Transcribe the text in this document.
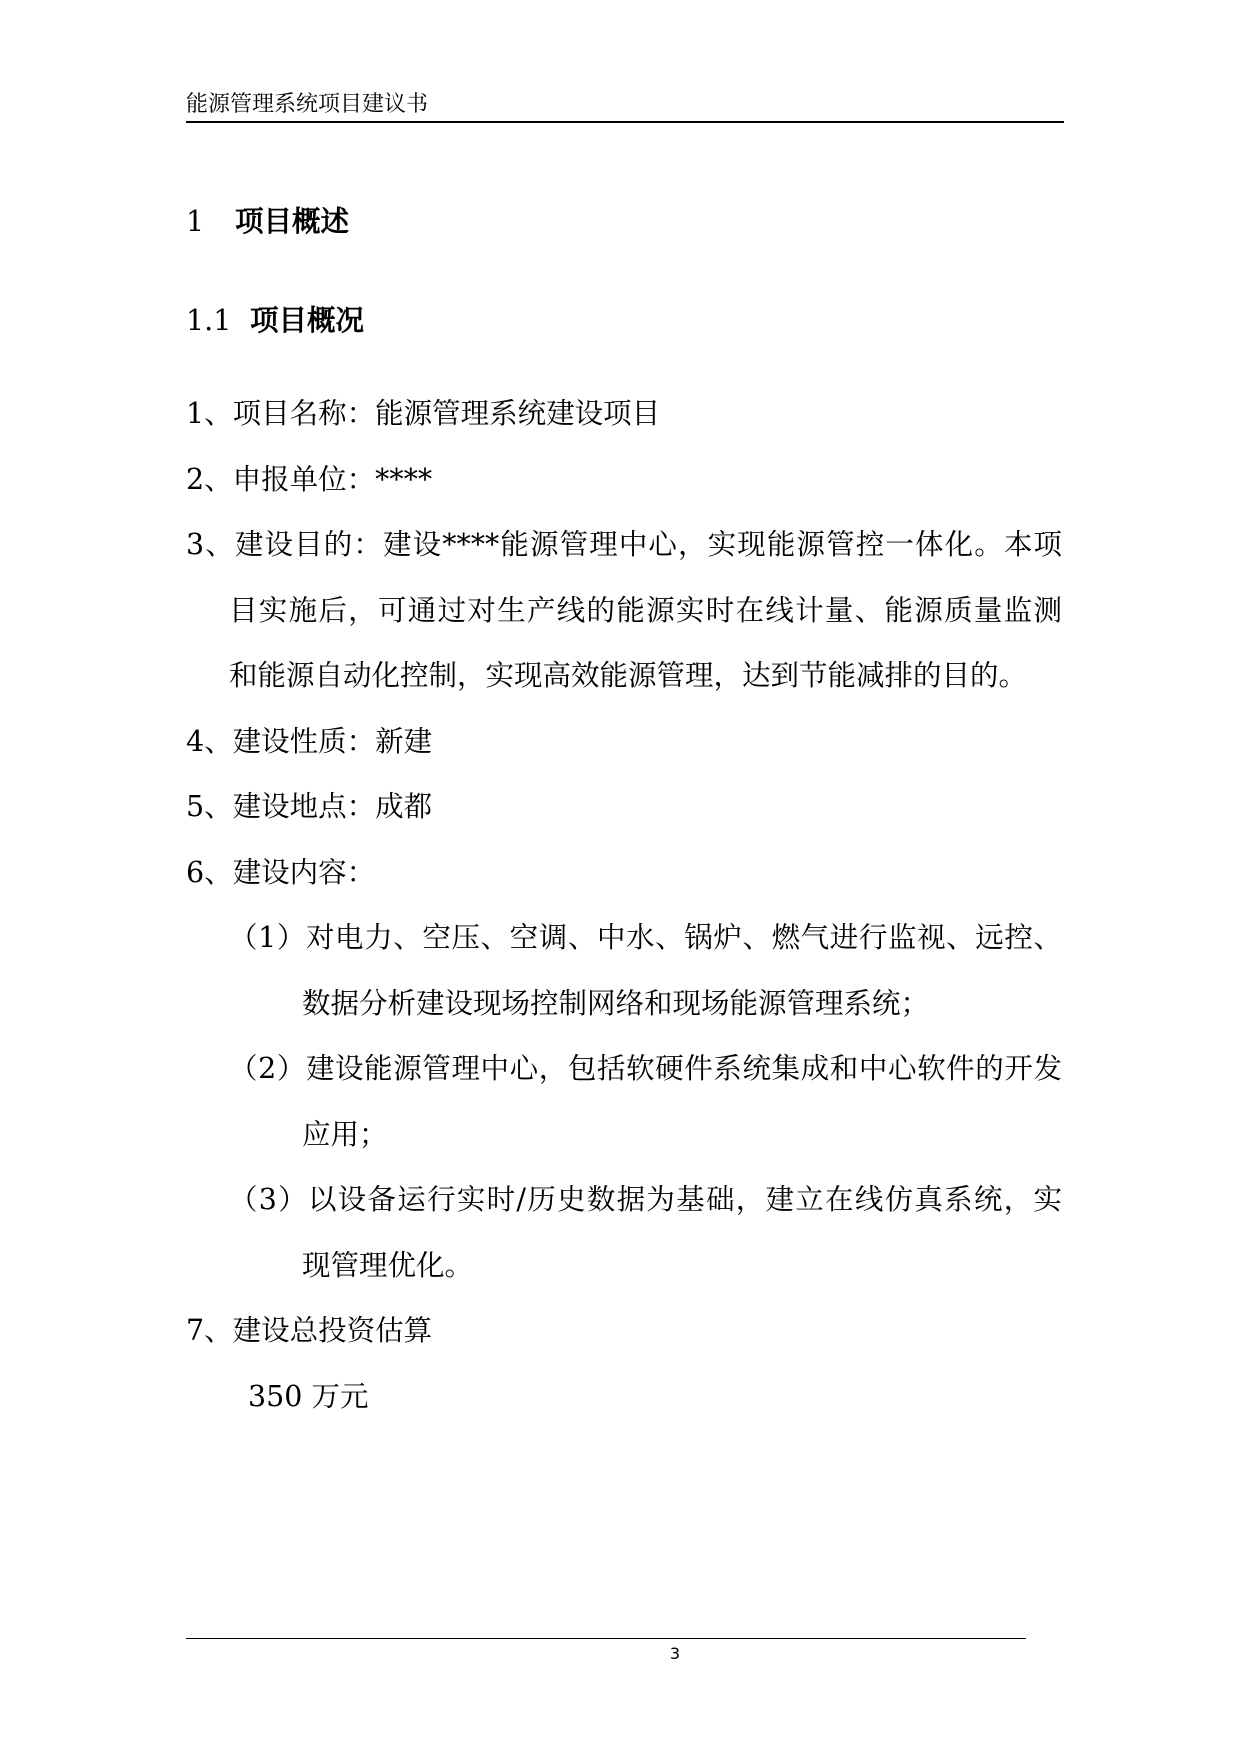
能源管理系统项目建议书
1	项目概述
1.1 项目概况
1、项目名称：能源管理系统建设项目
2、申报单位：****
3、建设目的：建设****能源管理中心，实现能源管控一体化。本项
目实施后，可通过对生产线的能源实时在线计量、能源质量监测
和能源自动化控制，实现高效能源管理，达到节能减排的目的。
4、建设性质：新建
5、建设地点：成都
6、建设内容：
（1）对电力、空压、空调、中水、锅炉、燃气进行监视、远控、
数据分析建设现场控制网络和现场能源管理系统；
（2）建设能源管理中心，包括软硬件系统集成和中心软件的开发
应用；
（3）以设备运行实时/历史数据为基础，建立在线仿真系统，实
现管理优化。
7、建设总投资估算
350 万元
3
